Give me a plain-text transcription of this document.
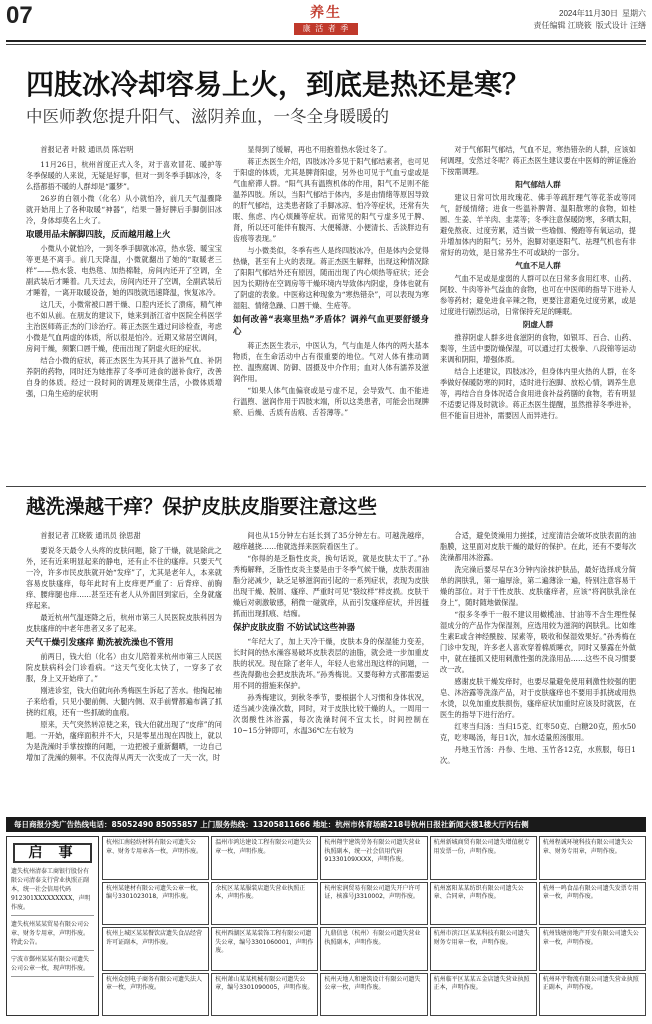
07	养生
康 活 者 季
2024年11月30日 星期六
责任编辑 江晓筱 版式设计 汪缮
四肢冰冷却容易上火，到底是热还是寒？
中医师教您提升阳气、滋阴养血，一冬全身暖暖的
首报记者 叶陂 通讯员 陈岩明

11月26日，杭州首度正式入冬，对于喜欢冒花、暖护等冬季保暖的人来说，无疑是好事，但对一到冬季手脚冰冷，冬么搭都捂不暖的人群却是“噩梦”。

26岁的白领小微（化名）从小就怕冷，前几天气温骤降就开始用上了各种取暖“神器”，结果一暑好脾后手脚倒旧冰冷，身体却莫名上火了。

取暖用品未解脚四肢，反而越用越上火

小微从小就怕冷，一到冬季手脚就冰凉，热水袋、暖宝宝等更是不离手。前几天降温，小微就翻出了她的“取暖老三样”——热水袋、电热毯、加热棉鞋，房间内还开了空调，全副武装后才睡着。几天过去，房间内还开了空调，全副武装后才睡着，一离开取暖设备，她的四肢就迅速降温，恢复冰冷。

这几天，小微常被口唇干燥、口腔内还长了溃疡，精气神也不如从前。在朋友的建议下，她来到浙江省中医院全科医学主治医师蒋正杰的门诊治疗。蒋正杰医生通过问诊检查，考虑小微是气血两虚的体质，所以很是怕冷。近期又常居空调间，房间干燥，频繁口唇干燥，使而出现了阴虚火旺的症状。

结合小微的症状，蒋正杰医生为其开具了滋补气血、补阴养阴的药物，同时还为她推荐了冬季可进食的滋补食疗，改善自身的体质。经过一段时间的调理及规律生活，小微体质增强，口角生疮的症状明

显得到了缓解，再也不用抱着热水袋过冬了。

蒋正杰医生介绍，四肢冰冷多见于阳气郁结素者，也可见于阳虚的体质，尤其是脾肾阳虚，另外也可见于气血亏虚或是气血瘀滞人群。“阳气具有温煦机体的作用，阳气不足则不能温养四肢。所以，当阳气郁结于体内，多是由情绪等原因导致的肝气郁结，这类患者除了手脚冰凉、怕冷等症状，还常有失眠、焦虑、内心烦躁等症状。而常见的阳气亏虚多见于脾、肾，所以还可能伴有腹泻、大便稀溏、小便清长、舌淡胖边有齿痕等表现。”

与小微类似，冬季有些人是终四肢冰冷，但是体内会觉得热燥，甚至有上火的表现。蒋正杰医生解释，出现这种情况除了阳阳气郁结外还有原因，随而出现了内心烦热等症状；还会因为长期待在空调房等干燥环境内导致体内阴虚，身体也就有了阴虚的表象。中医称这种现象为“寒热错杂”，可以表现为寒湿阻、情绪急躁、口唇干燥、生疮等。

如何改善“表寒里热”矛盾体？调养气血更要舒缓身心

蒋正杰医生表示，中医认为，气与血是人体内的两大基本物质，在生命活动中占有很重要的地位。气对人体有推动调控、温煦腐调、防御、固摄及中介作用；血对人体有濡养及滋润作用。

“如果人体气血偏衰或是亏虚不足，会导致气、血不能进行温煦、滋润作用于四肢末端，所以这类患者，可能会出现脾瘀、后燥、舌质有齿痕、舌苔薄等。”

对于气郁阳气郁结，气血不足，寒热错杂的人群，应该如何调理，安然过冬呢？蒋正杰医生建议要在中医师的辨证施治下按需调理。

阳气郁结人群

建议日常可饮用玫瑰花、佛手等疏肝理气等花茶或等同气，舒缓情绪；进食一些温补脾肾、温阳散寒的食物，如桂圆、生姜、羊羊肉、韭菜等；冬季注意保暖防寒，多晒太阳，避免熬夜、过度劳累，适当做一些瑜伽、慢跑等有氧运动，提升增加体内的阳气；另外，泡脚对驱逐阳气、祛理气机也有非常好的功效，是日常养生不可或缺的一部分。

气血不足人群

气血不足或是虚弱的人群可以在日常多食用红枣、山药、阿胶、牛肉等补气益血的食物，也可在中医师的指导下进补人参等药材；避免进食辛辣之物，更要注意避免过度劳累，或是过度进行剧烈运动，日常保持充足的睡眠。

阴虚人群

推荐阴虚人群多进食滋阴的食物，如银耳、百合、山药、梨等，生活中要防燥保湿，可以通过打太极拳、八段锦等运动来调和阴阳，增强体质。

结合上述建议，四肢冰冷，但身体内里火热的人群，在冬季做好保暖防寒的同时，适时进行泡脚、放松心情，调养生息等，再结合自身体况适合食用进食补益药膳的食物，若有明显不适要记得及时就诊。蒋正杰医生提醒，虽然推荐冬季进补，但不能盲目进补，需要因人而异进行。

越洗澡越干痒？保护皮肤皮脂要注意这些
首报记者 江晓筱 通讯员 徐思甜

要说冬天最令人头疼的皮肤问题，除了干燥，就是除此之外，还有近来明显起来的静电，还有止不住的瘙痒。只要天气一冷，许多市民皮肤就开始“发痒”了，尤其是老年人，本来就容易皮肤瘙痒，每年此时有上皮痒更严重了：后背痒、前胸痒、腰痒腿也痒……甚至还有老人从外面回到家后，全身就瘙痒起来。

最近杭州气温逐降之后，杭州市第三人民医院皮肤科因为皮肤瘙痒的中老年患者又多了起来。

天气干燥引发瘙痒 勤洗被洗澡也不管用

前两日，钱大伯（化名）由女儿陪着来杭州市第三人民医院皮肤病科会门诊看病。“这天气变化太快了，一穿多了衣服，身上又开始痒了。”

刚进诊室，钱大伯就向孙秀梅医生诉起了苦水。他掏起袖子来给看，只见小腿前侧、大腿内侧、双手前臂都遍布满了抓挠的红痕，还有一些抓破的血痕。

原来，天气突然转凉使之来，钱大伯就出现了“皮痒”的问题。一开始，瘙痒面积并不大，只是零星出现在四肢上，就以为是洗澡时手掌按擦的问题，一边把被子重新翻晒，一边自己增加了洗澡的频率。不仅洗得从两天一次变成了一天一次，时

间也从15分钟左右延长到了35分钟左右。可越洗越痒，越痒越挠……他就选择来医院看医生了。

“你得的是乏脂性皮炎，换句话说，就是皮肤太干了。”孙秀梅解释，乏脂性皮炎主要是由于冬季气候干燥，皮肤表面油脂分泌减少，缺乏足够滋润而引起的一系列症状，表现为皮肤出现干燥、脱屑、瘙痒、严重时可见“裂纹样”样皮损。皮肤干燥后对刺激敏感，稍微一碰就痒，从而引发瘙痒症状，并因搔抓而出现抓痕、结痂。

保护皮肤皮脂 不妨试试这些神器

“年纪大了，加上天冷干燥，皮肤本身的保湿能力变差，长时间的热水澡容易破坏皮肤表层的油脂，就会进一步加重皮肤的状况。现在除了老年人，年轻人也常出现这样的问题，一些洗得勤也会把皮肤洗坏。”孙秀梅说。又要每种方式都需要运用不同的措施来保护。

孙秀梅建议，到秋冬季节，要根据个人习惯和身体状况，适当减少洗澡次数，同时，对于皮肤比较干燥的人，一周用一次弱酸性沐浴露，每次洗澡时间不宜太长，时间控制在10~15分钟即可，水温36℃左右较为

合适，避免烫澡用力搓揉，过度清洁会破坏皮肤表面的油脂膜，这里面对皮肤干燥的最好的保护。在此，还有不要每次洗澡都用沐浴露。

洗完澡后要尽早在3分钟内涂抹护肤品，最好选择成分简单的润肤乳，第一遍厚涂，第二遍薄涂一遍，特别注意容易干燥的部位。对于干性皮肤、皮肤瘙痒者，应该“将润肤乳涂在身上”，随时随地做保湿。

“很多冬季干一般不建议用橄榄油、甘油等不含生理性保湿成分的产品作为保湿剂，应选用较为滋润的润肤乳。比如维生素E或含神经酰胺、尿素等，吸收和保湿效果好。”孙秀梅在门诊中发现，许多老人喜欢穿着棉质睡衣，同时又暴露在外做中，就在搔抓又使用刺激性强的洗涤用品……这些不良习惯要改一改。

感谢皮肤干燥发痒时，也要尽量避免使用刺激性较强的肥皂、沐浴露等洗涤产品，对于皮肤瘙痒也不要用手抓挠或用热水烫，以免加重皮肤损伤，瘙痒症状加重时应该及时就医，在医生的指导下进行治疗。

红枣当归汤：当归15克、红枣50克、白糖20克，煎水50克，吃枣喝汤，每日1次，加水适量煎汤服用。

丹地玉竹汤：丹参、生地、玉竹各12克，水煎服，每日1次。

每日商报分类广告热线电话：85052490 85055857 上门服务热线：13205811666 地址：杭州市体育场路218号杭州日报社新闻大楼1楼大厅内右侧
启事

遗失杭州清泰工商银行股份有限公司清泰支行营业执照正副本，统一社会信用代码912301XXXXXXXXX，声明作废。

遗失杭州某某贸易有限公司公章、财务专用章，声明作废。特此公告。

宁波市鄞州某某有限公司遗失公司公章一枚，现声明作废。

杭州江南轻纺材料有限公司遗失公章、财务专用章各一枚，声明作废。
温州市鸿达建设工程有限公司遗失公章一枚，声明作废。
杭州翔宇建筑劳务有限公司遗失营业执照副本，统一社会信用代码91330109XXXX，声明作废。
杭州新城商贸有限公司遗失增值税专用发票一份，声明作废。
杭州程诚环境科技有限公司遗失公章、财务专用章，声明作废。
杭州某建材有限公司遗失公章一枚，编号3301023018，声明作废。
余杭区某某服装店遗失营业执照正本，声明作废。
杭州宏润贸易有限公司遗失开户许可证，核准号J3310002，声明作废。
杭州富阳某某纺织有限公司遗失公章、合同章，声明作废。
杭州一鸣食品有限公司遗失发票专用章一枚，声明作废。
杭州上城区某某餐饮店遗失食品经营许可证副本，声明作废。
杭州西湖区某某装饰工程有限公司遗失公章，编号3301060001，声明作废。
九鼎信息（杭州）有限公司遗失营业执照副本，声明作废。
杭州市滨江区某某科技有限公司遗失财务专用章一枚，声明作废。
杭州钱塘房地产开发有限公司遗失公章一枚，声明作废。
杭州众创电子商务有限公司遗失法人章一枚，声明作废。
杭州萧山某某机械有限公司遗失公章，编号3301090005，声明作废。
杭州天地人和建筑设计有限公司遗失公章一枚，声明作废。
杭州临平区某某五金店遗失营业执照正本，声明作废。
杭州环宇物流有限公司遗失营业执照正副本，声明作废。
